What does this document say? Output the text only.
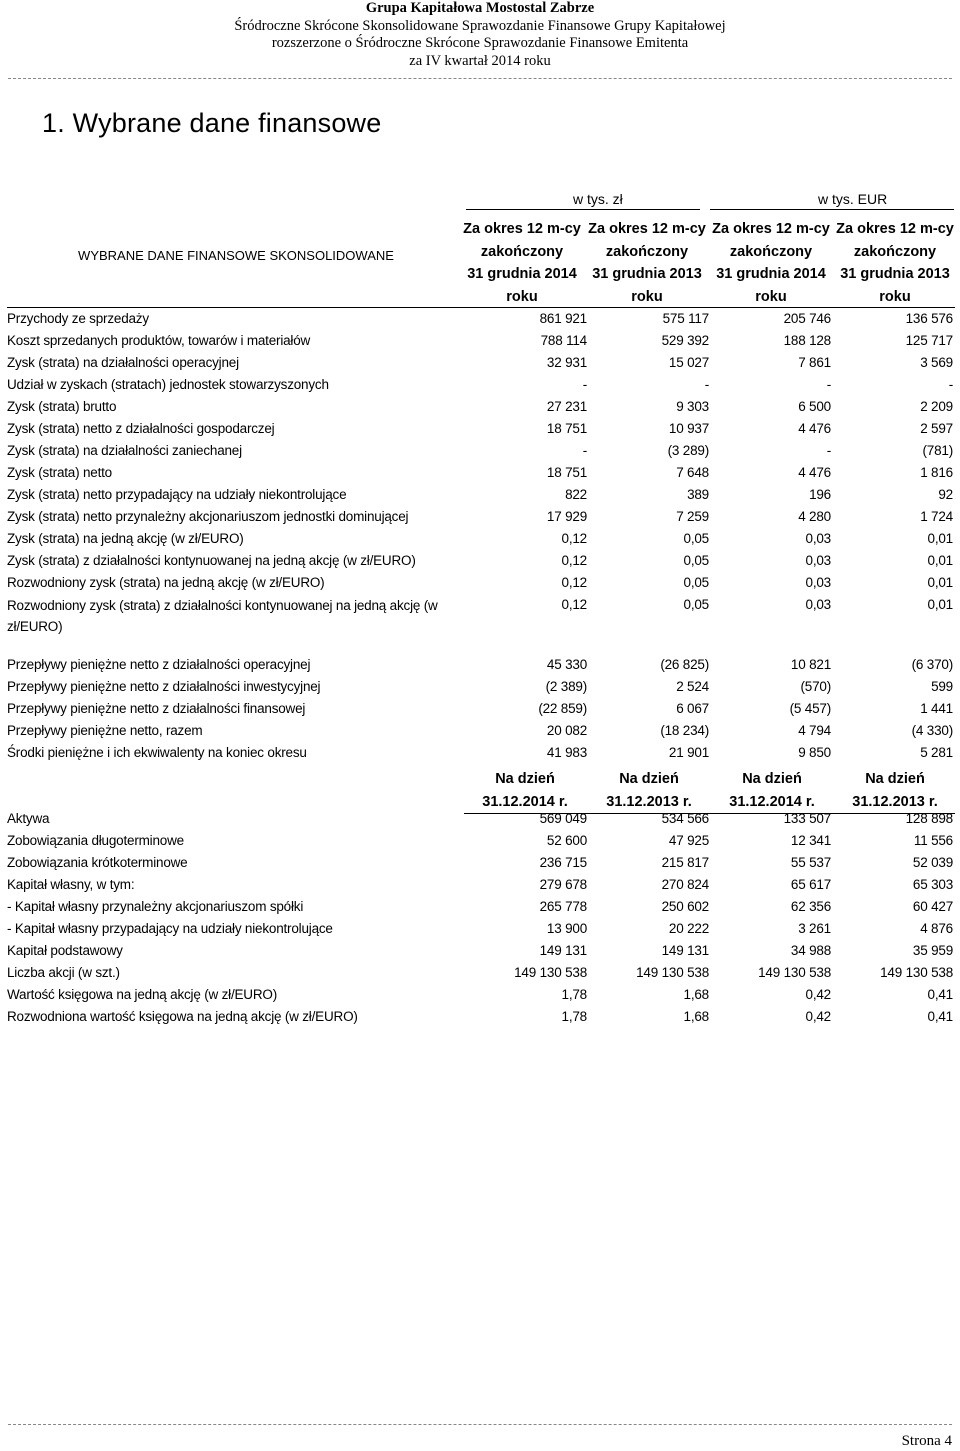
Grupa Kapitałowa Mostostal Zabrze
Śródroczne Skrócone Skonsolidowane Sprawozdanie Finansowe Grupy Kapitałowej
rozszerzone o Śródroczne Skrócone Sprawozdanie Finansowe Emitenta
za IV kwartał 2014 roku
1. Wybrane dane finansowe
w tys. zł	w tys. EUR
WYBRANE DANE FINANSOWE SKONSOLIDOWANE
Za okres 12 m-cy
zakończony
31 grudnia 2014
roku
Za okres 12 m-cy
zakończony
31 grudnia 2013
roku
Za okres 12 m-cy
zakończony
31 grudnia 2014
roku
Za okres 12 m-cy
zakończony
31 grudnia 2013
roku
Na dzień
31.12.2014 r.
Na dzień
31.12.2013 r.
Na dzień
31.12.2014 r.
Na dzień
31.12.2013 r.
Przychody ze sprzedaży	861 921	575 117	205 746	136 576
Koszt sprzedanych produktów, towarów i materiałów	788 114	529 392	188 128	125 717
Zysk (strata) na działalności operacyjnej	32 931	15 027	7 861	3 569
Udział w zyskach (stratach) jednostek stowarzyszonych	-	-	-	-
Zysk (strata) brutto	27 231	9 303	6 500	2 209
Zysk (strata) netto z działalności gospodarczej	18 751	10 937	4 476	2 597
Zysk (strata) na działalności zaniechanej	-	(3 289)	-	(781)
Zysk (strata) netto	18 751	7 648	4 476	1 816
Zysk (strata) netto przypadający na udziały niekontrolujące	822	389	196	92
Zysk (strata) netto przynależny akcjonariuszom jednostki dominującej	17 929	7 259	4 280	1 724
Zysk (strata) na jedną akcję (w zł/EURO)	0,12	0,05	0,03	0,01
Zysk (strata) z działalności kontynuowanej na jedną akcję (w zł/EURO)	0,12	0,05	0,03	0,01
Rozwodniony zysk (strata) na jedną akcję (w zł/EURO)	0,12	0,05	0,03	0,01
Rozwodniony zysk (strata) z działalności kontynuowanej na jedną akcję (w zł/EURO)
0,12	0,05	0,03	0,01
Przepływy pieniężne netto z działalności operacyjnej	45 330	(26 825)	10 821	(6 370)
Przepływy pieniężne netto z działalności inwestycyjnej	(2 389)	2 524	(570)	599
Przepływy pieniężne netto z działalności finansowej	(22 859)	6 067	(5 457)	1 441
Przepływy pieniężne netto, razem	20 082	(18 234)	4 794	(4 330)
Środki pieniężne i ich ekwiwalenty na koniec okresu	41 983	21 901	9 850	5 281
Aktywa	569 049	534 566	133 507	128 898
Zobowiązania długoterminowe	52 600	47 925	12 341	11 556
Zobowiązania krótkoterminowe	236 715	215 817	55 537	52 039
Kapitał własny, w tym:	279 678	270 824	65 617	65 303
- Kapitał własny przynależny akcjonariuszom spółki	265 778	250 602	62 356	60 427
- Kapitał własny przypadający na udziały niekontrolujące	13 900	20 222	3 261	4 876
Kapitał podstawowy	149 131	149 131	34 988	35 959
Liczba akcji (w szt.)	149 130 538	149 130 538	149 130 538	149 130 538
Wartość księgowa na jedną akcję (w zł/EURO)	1,78	1,68	0,42	0,41
Rozwodniona wartość księgowa na jedną akcję (w zł/EURO)	1,78	1,68	0,42	0,41
Strona 4
